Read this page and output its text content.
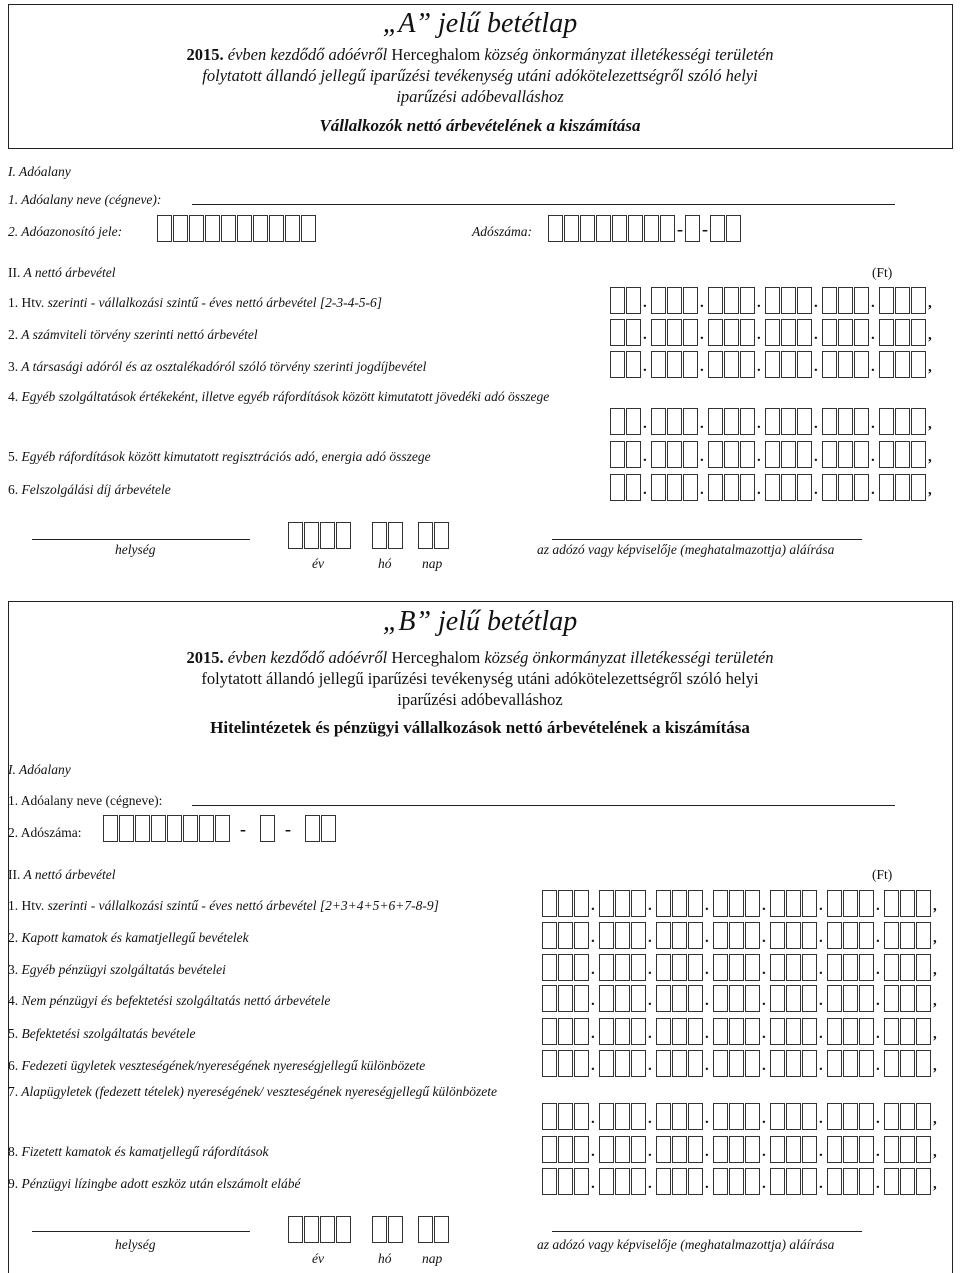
„A” jelű betétlap
2015. évben kezdődő adóévről Herceghalom község önkormányzat illetékességi területén
folytatott állandó jellegű iparűzési tevékenység utáni adókötelezettségről szóló helyi
iparűzési adóbevalláshoz
Vállalkozók nettó árbevételének a kiszámítása
I. Adóalany
1. Adóalany neve (cégneve):
2. Adóazonosító jele:	Adószáma:	- -
II. A nettó árbevétel	(Ft)
1. Htv. szerinti - vállalkozási szintű - éves nettó árbevétel [2-3-4-5-6]	.	.	.	.	.	,
2. A számviteli törvény szerinti nettó árbevétel	.	.	.	.	.	,
3. A társasági adóról és az osztalékadóról szóló törvény szerinti jogdíjbevétel	.	.	.	.	.	,
4. Egyéb szolgáltatások értékeként, illetve egyéb ráfordítások között kimutatott jövedéki adó összege
.	.	.	.	.	,
5. Egyéb ráfordítások között kimutatott regisztrációs adó, energia adó összege	.	.	.	.	.	,
6. Felszolgálási díj árbevétele	.	.	.	.	.	,
helység
év	hó nap
az adózó vagy képviselője (meghatalmazottja) aláírása
„B” jelű betétlap
2015. évben kezdődő adóévről Herceghalom község önkormányzat illetékességi területén
folytatott állandó jellegű iparűzési tevékenység utáni adókötelezettségről szóló helyi
iparűzési adóbevalláshoz
Hitelintézetek és pénzügyi vállalkozások nettó árbevételének a kiszámítása
I. Adóalany
1. Adóalany neve (cégneve):
2. Adószáma:	- -
II. A nettó árbevétel	(Ft)
1. Htv. szerinti - vállalkozási szintű - éves nettó árbevétel [2+3+4+5+6+7-8-9]	.	.	.	.	.	.	,
2. Kapott kamatok és kamatjellegű bevételek	.	.	.	.	.	.	,
3. Egyéb pénzügyi szolgáltatás bevételei	.	.	.	.	.	.	,
4. Nem pénzügyi és befektetési szolgáltatás nettó árbevétele	.	.	.	.	.	.	,
5. Befektetési szolgáltatás bevétele	.	.	.	.	.	.	,
6. Fedezeti ügyletek veszteségének/nyereségének nyereségjellegű különbözete	.	.	.	.	.	.	,
7. Alapügyletek (fedezett tételek) nyereségének/ veszteségének nyereségjellegű különbözete
.	.	.	.	.	.	,
8. Fizetett kamatok és kamatjellegű ráfordítások	.	.	.	.	.	.	,
9. Pénzügyi lízingbe adott eszköz után elszámolt elábé	.	.	.	.	.	.	,
helység
év	hó nap
az adózó vagy képviselője (meghatalmazottja) aláírása
